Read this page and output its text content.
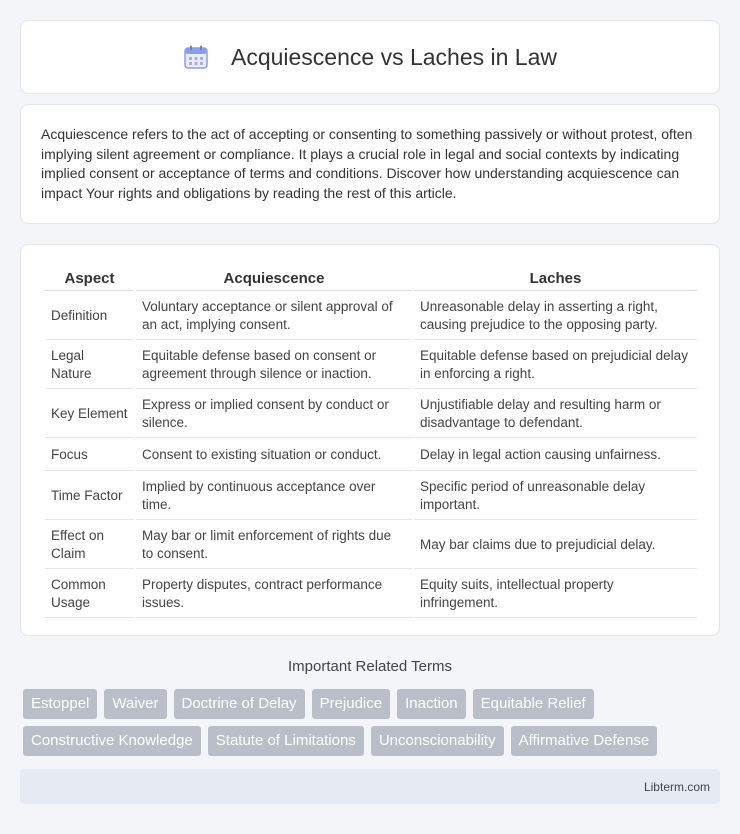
Acquiescence vs Laches in Law

Acquiescence refers to the act of accepting or consenting to something passively or without protest, often implying silent agreement or compliance. It plays a crucial role in legal and social contexts by indicating implied consent or acceptance of terms and conditions. Discover how understanding acquiescence can impact Your rights and obligations by reading the rest of this article.

Aspect	Acquiescence	Laches
Definition	Voluntary acceptance or silent approval of an act, implying consent.	Unreasonable delay in asserting a right, causing prejudice to the opposing party.
Legal Nature	Equitable defense based on consent or agreement through silence or inaction.	Equitable defense based on prejudicial delay in enforcing a right.
Key Element	Express or implied consent by conduct or silence.	Unjustifiable delay and resulting harm or disadvantage to defendant.
Focus	Consent to existing situation or conduct.	Delay in legal action causing unfairness.
Time Factor	Implied by continuous acceptance over time.	Specific period of unreasonable delay important.
Effect on Claim	May bar or limit enforcement of rights due to consent.	May bar claims due to prejudicial delay.
Common Usage	Property disputes, contract performance issues.	Equity suits, intellectual property infringement.
Important Related Terms
Estoppel	Waiver	Doctrine of Delay	Prejudice	Inaction	Equitable Relief
Constructive Knowledge	Statute of Limitations	Unconscionability	Affirmative Defense
Libterm.com
